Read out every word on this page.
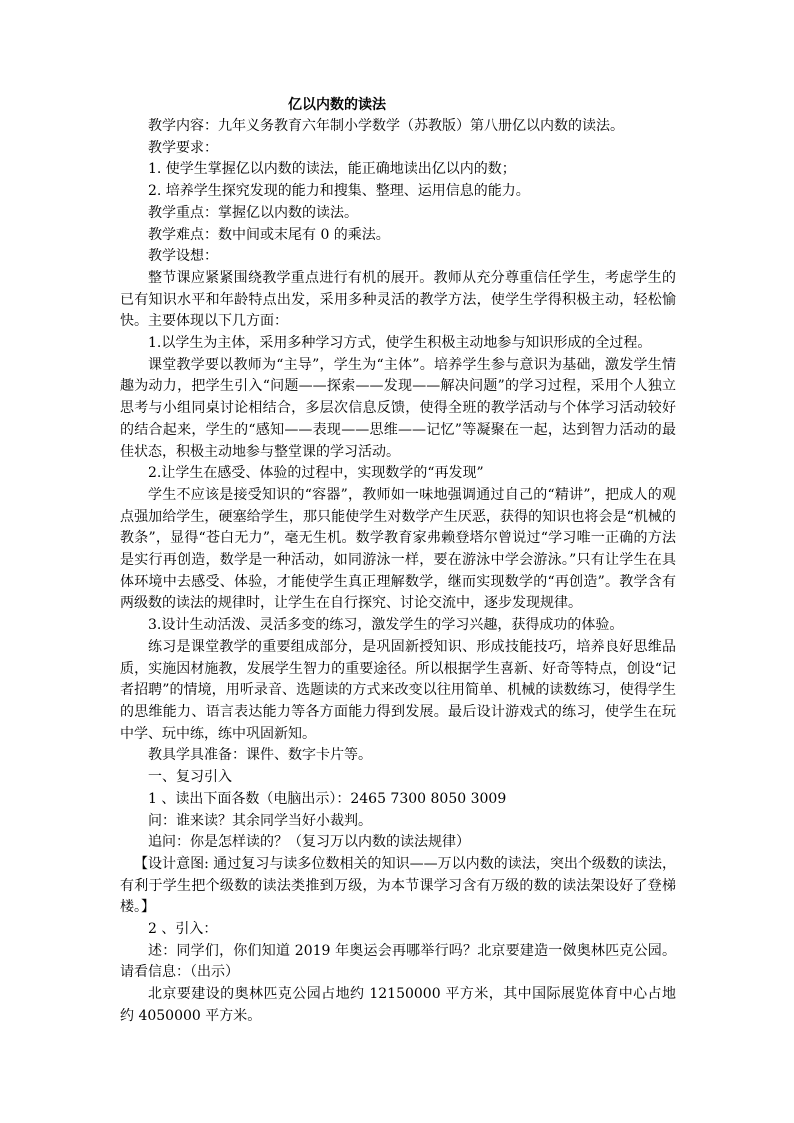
亿以内数的读法

教学内容：九年义务教育六年制小学数学（苏教版）第八册亿以内数的读法。

教学要求：

1. 使学生掌握亿以内数的读法，能正确地读出亿以内的数；

2. 培养学生探究发现的能力和搜集、整理、运用信息的能力。

教学重点：掌握亿以内数的读法。

教学难点：数中间或末尾有 0 的乘法。

教学设想：

整节课应紧紧围绕教学重点进行有机的展开。教师从充分尊重信任学生，考虑学生的已有知识水平和年龄特点出发，采用多种灵活的教学方法，使学生学得积极主动，轻松愉快。主要体现以下几方面：

1.以学生为主体，采用多种学习方式，使学生积极主动地参与知识形成的全过程。

课堂教学要以教师为“主导”，学生为“主体”。培养学生参与意识为基础，激发学生情趣为动力，把学生引入“问题——探索——发现——解决问题”的学习过程，采用个人独立思考与小组同桌讨论相结合，多层次信息反馈，使得全班的教学活动与个体学习活动较好的结合起来，学生的“感知——表现——思维——记忆”等凝聚在一起，达到智力活动的最佳状态，积极主动地参与整堂课的学习活动。

2.让学生在感受、体验的过程中，实现数学的“再发现”

学生不应该是接受知识的“容器”，教师如一味地强调通过自己的“精讲”，把成人的观点强加给学生，硬塞给学生，那只能使学生对数学产生厌恶，获得的知识也将会是“机械的教条”，显得“苍白无力”，毫无生机。数学教育家弗赖登塔尔曾说过“学习唯一正确的方法是实行再创造，数学是一种活动，如同游泳一样，要在游泳中学会游泳。”只有让学生在具体环境中去感受、体验，才能使学生真正理解数学，继而实现数学的“再创造”。教学含有两级数的读法的规律时，让学生在自行探究、讨论交流中，逐步发现规律。

3.设计生动活泼、灵活多变的练习，激发学生的学习兴趣，获得成功的体验。

练习是课堂教学的重要组成部分，是巩固新授知识、形成技能技巧，培养良好思维品质，实施因材施教，发展学生智力的重要途径。所以根据学生喜新、好奇等特点，创设“记者招聘”的情境，用听录音、选题读的方式来改变以往用简单、机械的读数练习，使得学生的思维能力、语言表达能力等各方面能力得到发展。最后设计游戏式的练习，使学生在玩中学、玩中练，练中巩固新知。

教具学具准备：课件、数字卡片等。

一、复习引入

1 、读出下面各数（电脑出示）：2465 7300 8050 3009

问：谁来读？其余同学当好小裁判。

追问：你是怎样读的？（复习万以内数的读法规律）

【设计意图: 通过复习与读多位数相关的知识——万以内数的读法，突出个级数的读法，有利于学生把个级数的读法类推到万级，为本节课学习含有万级的数的读法架设好了登梯楼。】

2 、引入：

述：同学们，你们知道 2019 年奥运会再哪举行吗？北京要建造一傚奥林匹克公园。请看信息：（出示）

北京要建设的奥林匹克公园占地约 12150000 平方米，其中国际展览体育中心占地约 4050000 平方米。
